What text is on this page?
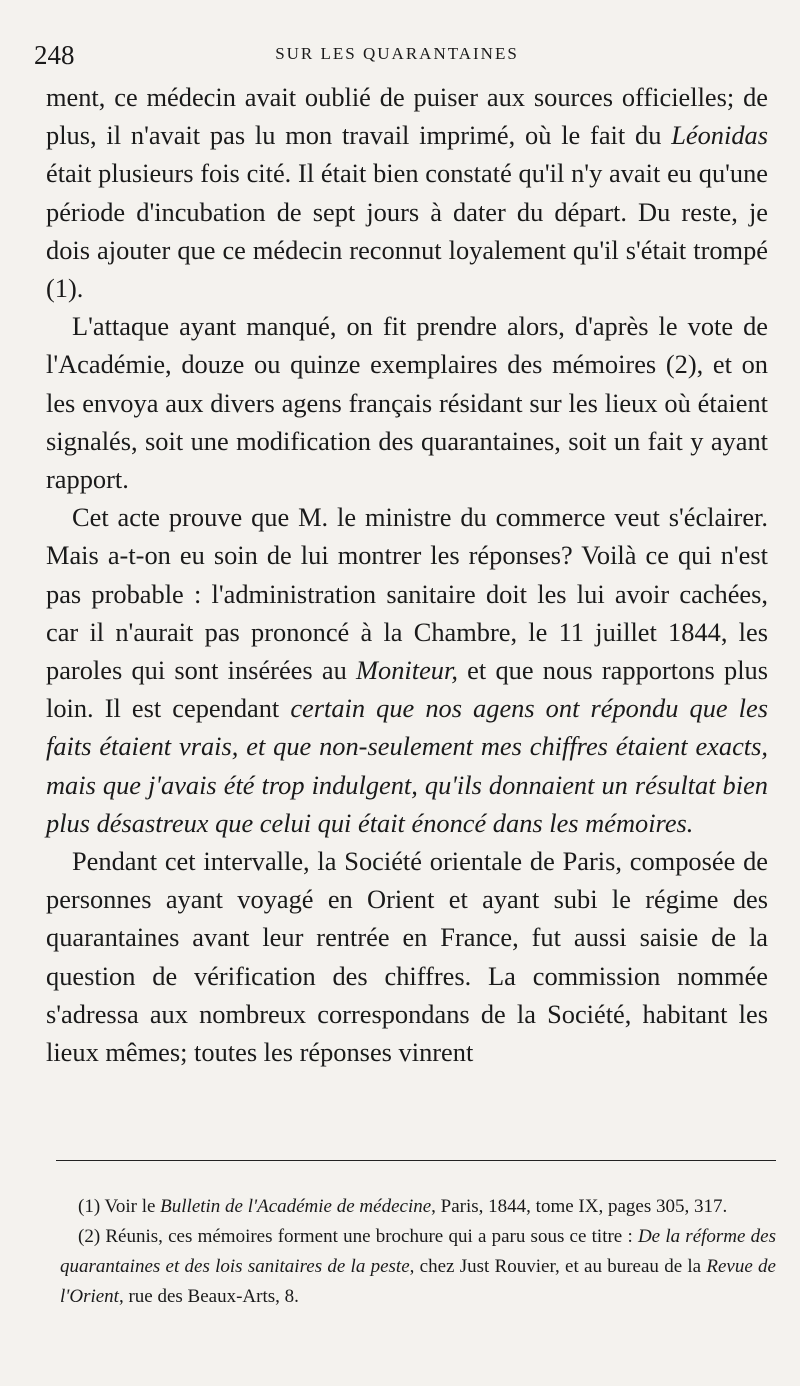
248	SUR LES QUARANTAINES

ment, ce médecin avait oublié de puiser aux sources officielles; de plus, il n'avait pas lu mon travail imprimé, où le fait du Léonidas était plusieurs fois cité. Il était bien constaté qu'il n'y avait eu qu'une période d'incubation de sept jours à dater du départ. Du reste, je dois ajouter que ce médecin reconnut loyalement qu'il s'était trompé (1).

L'attaque ayant manqué, on fit prendre alors, d'après le vote de l'Académie, douze ou quinze exemplaires des mémoires (2), et on les envoya aux divers agens français résidant sur les lieux où étaient signalés, soit une modification des quarantaines, soit un fait y ayant rapport.

Cet acte prouve que M. le ministre du commerce veut s'éclairer. Mais a-t-on eu soin de lui montrer les réponses? Voilà ce qui n'est pas probable : l'administration sanitaire doit les lui avoir cachées, car il n'aurait pas prononcé à la Chambre, le 11 juillet 1844, les paroles qui sont insérées au Moniteur, et que nous rapportons plus loin. Il est cependant certain que nos agens ont répondu que les faits étaient vrais, et que non-seulement mes chiffres étaient exacts, mais que j'avais été trop indulgent, qu'ils donnaient un résultat bien plus désastreux que celui qui était énoncé dans les mémoires.

Pendant cet intervalle, la Société orientale de Paris, composée de personnes ayant voyagé en Orient et ayant subi le régime des quarantaines avant leur rentrée en France, fut aussi saisie de la question de vérification des chiffres. La commission nommée s'adressa aux nombreux correspondans de la Société, habitant les lieux mêmes; toutes les réponses vinrent

(1) Voir le Bulletin de l'Académie de médecine, Paris, 1844, tome IX, pages 305, 317.

(2) Réunis, ces mémoires forment une brochure qui a paru sous ce titre : De la réforme des quarantaines et des lois sanitaires de la peste, chez Just Rouvier, et au bureau de la Revue de l'Orient, rue des Beaux-Arts, 8.
